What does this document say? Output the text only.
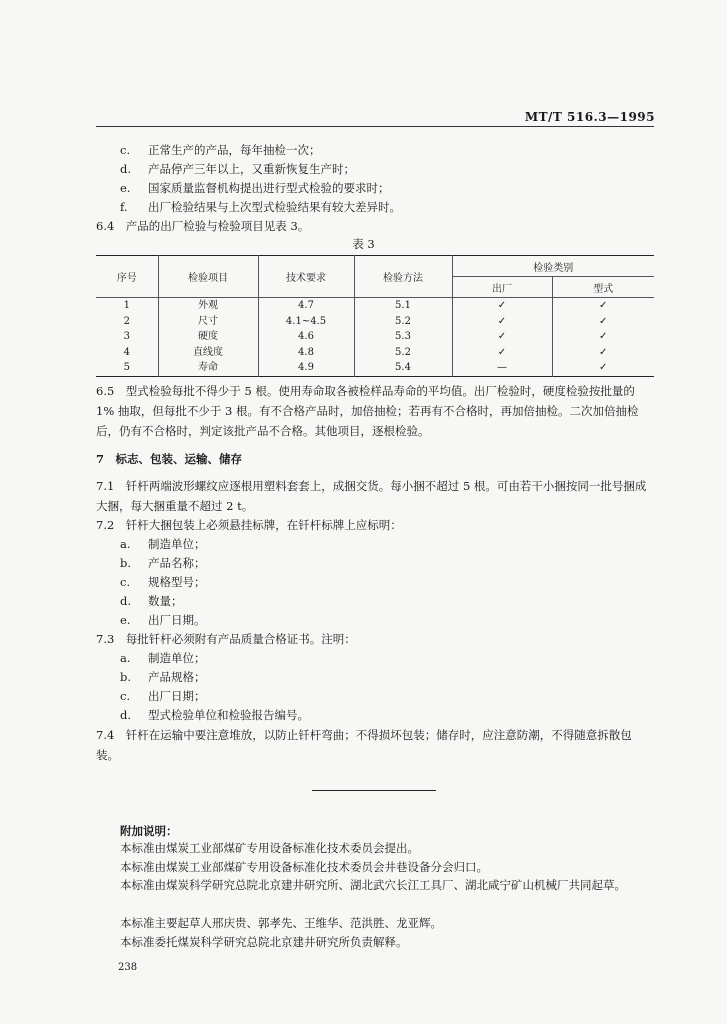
MT/T 516.3—1995
c. 正常生产的产品，每年抽检一次；
d. 产品停产三年以上，又重新恢复生产时；
e. 国家质量监督机构提出进行型式检验的要求时；
f. 出厂检验结果与上次型式检验结果有较大差异时。
6.4　产品的出厂检验与检验项目见表 3。
表 3
序号	检验项目	技术要求	检验方法	检验类别	
				出厂	型式
1	外观	4.7	5.1	✓	✓
2	尺寸	4.1~4.5	5.2	✓	✓
3	硬度	4.6	5.3	✓	✓
4	直线度	4.8	5.2	✓	✓
5	寿命	4.9	5.4	—	✓
6.5　型式检验每批不得少于 5 根。使用寿命取各被检样品寿命的平均值。出厂检验时，硬度检验按批量的 1% 抽取，但每批不少于 3 根。有不合格产品时，加倍抽检；若再有不合格时，再加倍抽检。二次加倍抽检后，仍有不合格时，判定该批产品不合格。其他项目，逐根检验。
7　标志、包装、运输、储存
7.1　钎杆两端波形螺纹应逐根用塑料套套上，成捆交货。每小捆不超过 5 根。可由若干小捆按同一批号捆成大捆，每大捆重量不超过 2 t。
7.2　钎杆大捆包装上必须悬挂标牌，在钎杆标牌上应标明：
a. 制造单位；
b. 产品名称；
c. 规格型号；
d. 数量；
e. 出厂日期。
7.3　每批钎杆必须附有产品质量合格证书。注明：
a. 制造单位；
b. 产品规格；
c. 出厂日期；
d. 型式检验单位和检验报告编号。
7.4　钎杆在运输中要注意堆放，以防止钎杆弯曲；不得损坏包装；储存时，应注意防潮，不得随意拆散包装。
附加说明：
本标准由煤炭工业部煤矿专用设备标准化技术委员会提出。
本标准由煤炭工业部煤矿专用设备标准化技术委员会井巷设备分会归口。
本标准由煤炭科学研究总院北京建井研究所、湖北武穴长江工具厂、湖北咸宁矿山机械厂共同起草。
本标准主要起草人邢庆贵、郭孝先、王维华、范洪胜、龙亚辉。
本标准委托煤炭科学研究总院北京建井研究所负责解释。
238
